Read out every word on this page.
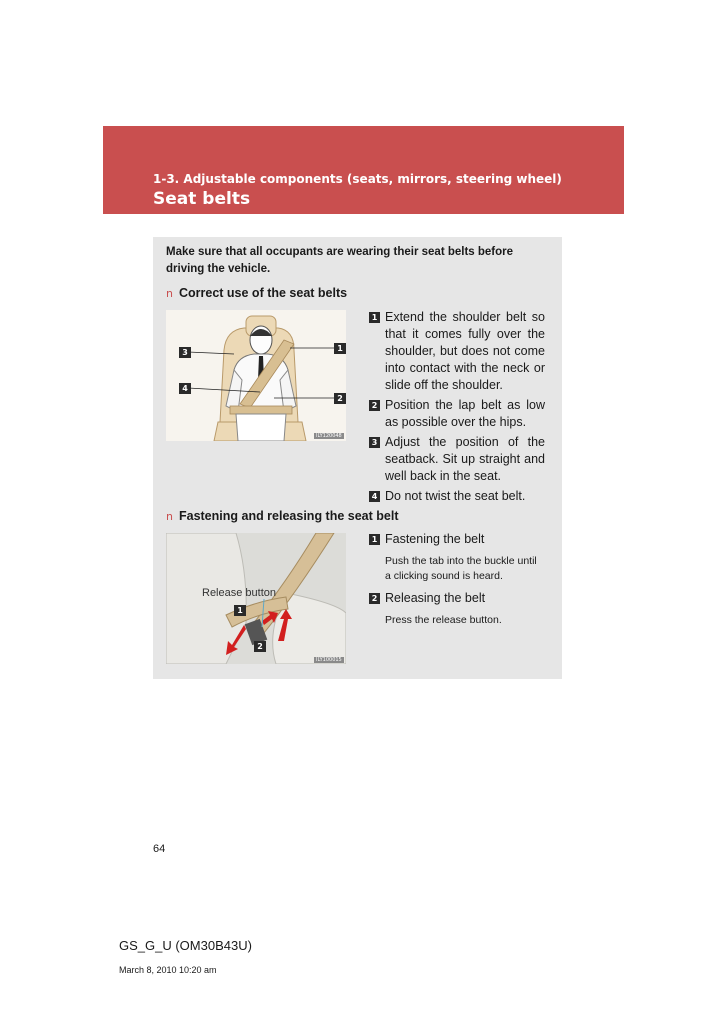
1-3. Adjustable components (seats, mirrors, steering wheel)
Seat belts
Make sure that all occupants are wearing their seat belts before driving the vehicle.
n Correct use of the seat belts
3
4
1
2
ILY120048
1 Extend the shoulder belt so that it comes fully over the shoulder, but does not come into contact with the neck or slide off the shoulder.
2 Position the lap belt as low as possible over the hips.
3 Adjust the position of the seatback. Sit up straight and well back in the seat.
4 Do not twist the seat belt.
n Fastening and releasing the seat belt
Release button
1
2
ILY100015
1 Fastening the belt
Push the tab into the buckle until a clicking sound is heard.
2 Releasing the belt
Press the release button.
64
GS_G_U (OM30B43U)
March 8, 2010 10:20 am
